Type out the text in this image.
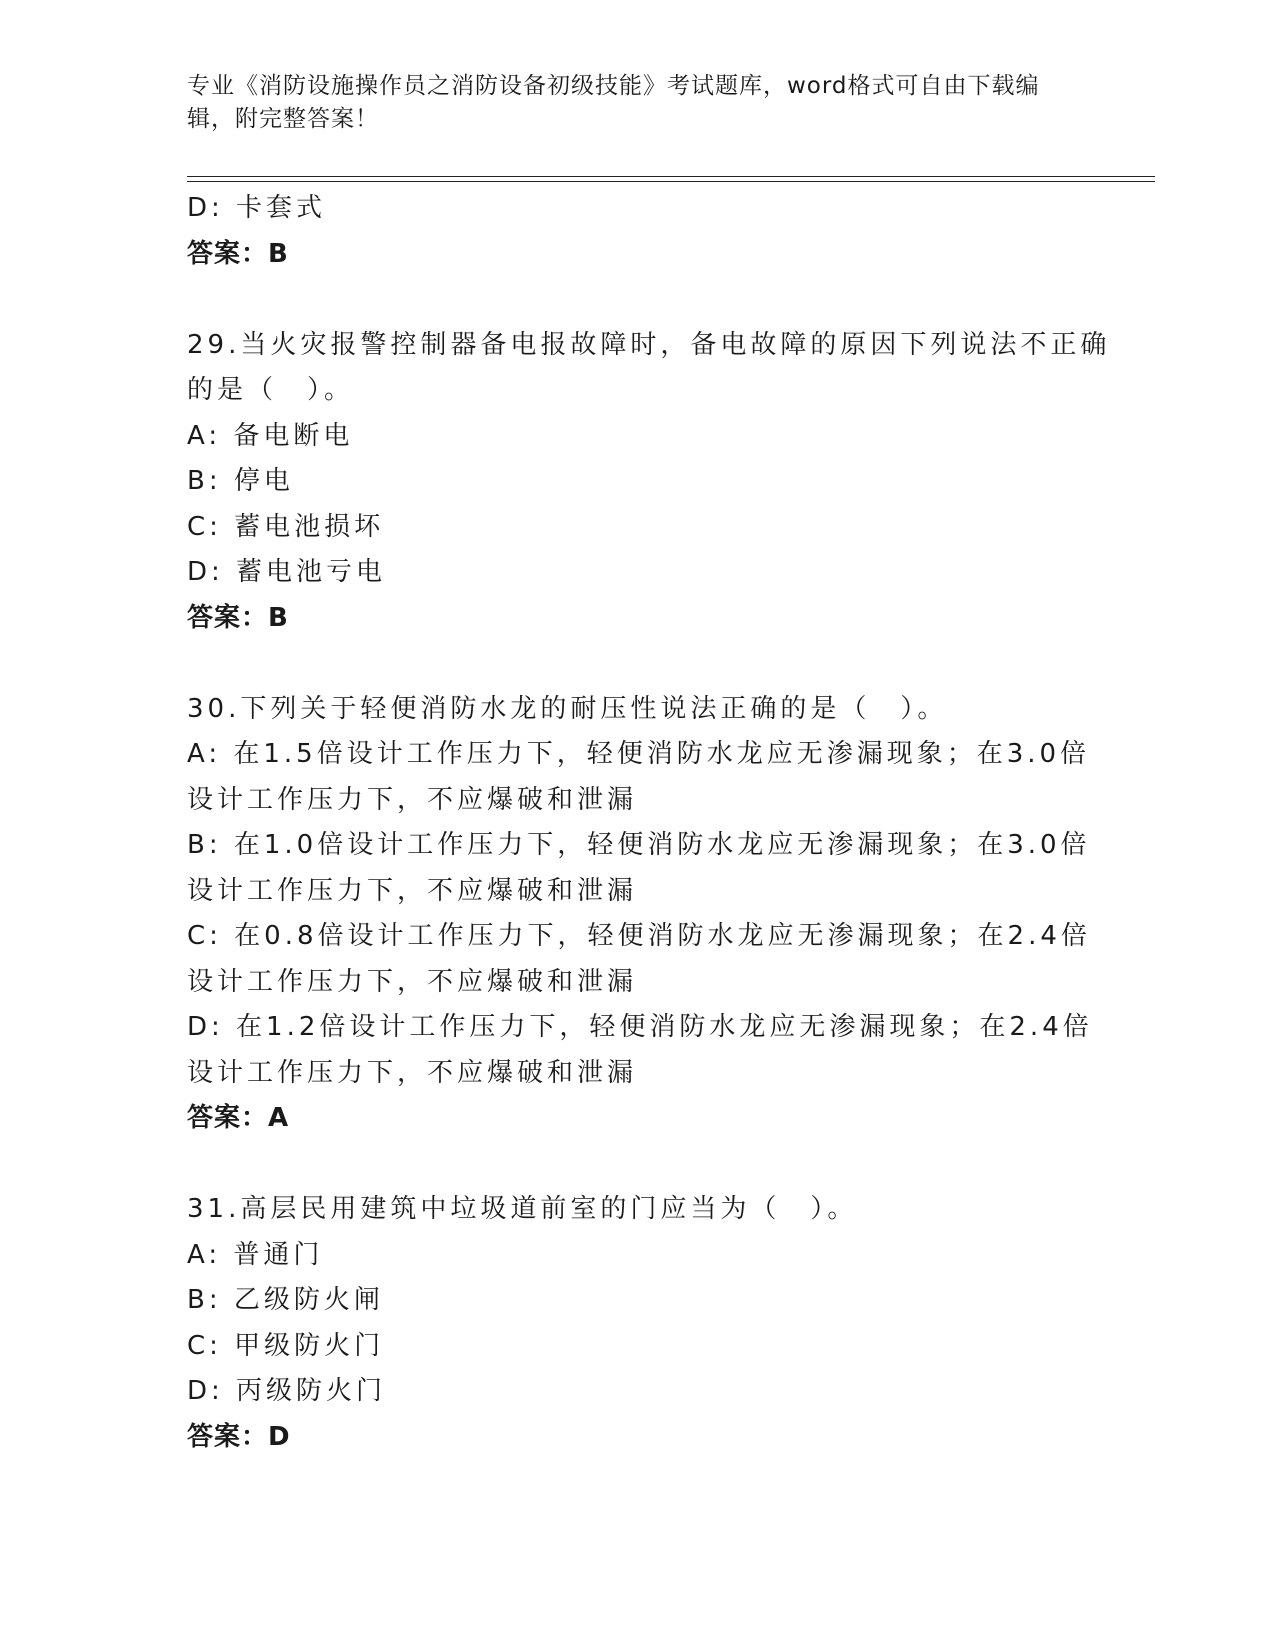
专业《消防设施操作员之消防设备初级技能》考试题库，word格式可自由下载编
辑，附完整答案！
D: 卡套式
答案：B
29.当火灾报警控制器备电报故障时，备电故障的原因下列说法不正确
的是（　）。
A: 备电断电
B: 停电
C: 蓄电池损坏
D: 蓄电池亏电
答案：B
30.下列关于轻便消防水龙的耐压性说法正确的是（　）。
A: 在1.5倍设计工作压力下，轻便消防水龙应无渗漏现象；在3.0倍
设计工作压力下，不应爆破和泄漏
B: 在1.0倍设计工作压力下，轻便消防水龙应无渗漏现象；在3.0倍
设计工作压力下，不应爆破和泄漏
C: 在0.8倍设计工作压力下，轻便消防水龙应无渗漏现象；在2.4倍
设计工作压力下，不应爆破和泄漏
D: 在1.2倍设计工作压力下，轻便消防水龙应无渗漏现象；在2.4倍
设计工作压力下，不应爆破和泄漏
答案：A
31.高层民用建筑中垃圾道前室的门应当为（　）。
A: 普通门
B: 乙级防火闸
C: 甲级防火门
D: 丙级防火门
答案：D
